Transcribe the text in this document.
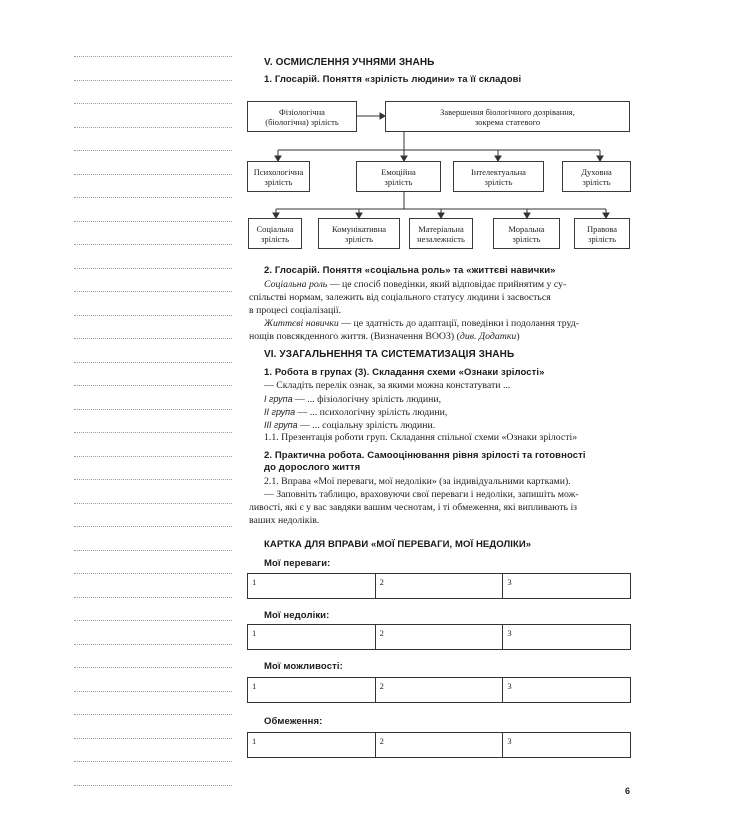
V. ОСМИСЛЕННЯ УЧНЯМИ ЗНАНЬ
1. Глосарій. Поняття «зрілість людини» та її складові
Фізіологічна
(біологічна) зрілість
Завершення біологічного дозрівання,
зокрема статевого
Психологічна
зрілість
Емоційна
зрілість
Інтелектуальна
зрілість
Духовна
зрілість
Соціальна
зрілість
Комунікативна
зрілість
Матеріальна
незалежність
Моральна
зрілість
Правова
зрілість
2. Глосарій. Поняття «соціальна роль» та «життєві навички»
Соціальна роль — це спосіб поведінки, який відповідає прийнятим у су-
спільстві нормам, залежить від соціального статусу людини і засвоється
в процесі соціалізації.
Життєві навички — це здатність до адаптації, поведінки і подолання труд-
нощів повсякденного життя. (Визначення ВООЗ) (див. Додатки)
VI. УЗАГАЛЬНЕННЯ ТА СИСТЕМАТИЗАЦІЯ ЗНАНЬ
1. Робота в групах (3). Складання схеми «Ознаки зрілості»
— Складіть перелік ознак, за якими можна констатувати ...
I група — ... фізіологічну зрілість людини,
II група — ... психологічну зрілість людини,
III група — ... соціальну зрілість людини.
1.1. Презентація роботи груп. Складання спільної схеми «Ознаки зрілості»
2. Практична робота. Самооцінювання рівня зрілості та готовності
до дорослого життя
2.1. Вправа «Мої переваги, мої недоліки» (за індивідуальними картками).
— Заповніть таблицю, враховуючи свої переваги і недоліки, запишіть мож-
ливості, які є у вас завдяки вашим чеснотам, і ті обмеження, які випливають із
ваших недоліків.
КАРТКА ДЛЯ ВПРАВИ «МОЇ ПЕРЕВАГИ, МОЇ НЕДОЛІКИ»
Мої переваги:
1	2	3
Мої недоліки:
1	2	3
Мої можливості:
1	2	3
Обмеження:
1	2	3
6
